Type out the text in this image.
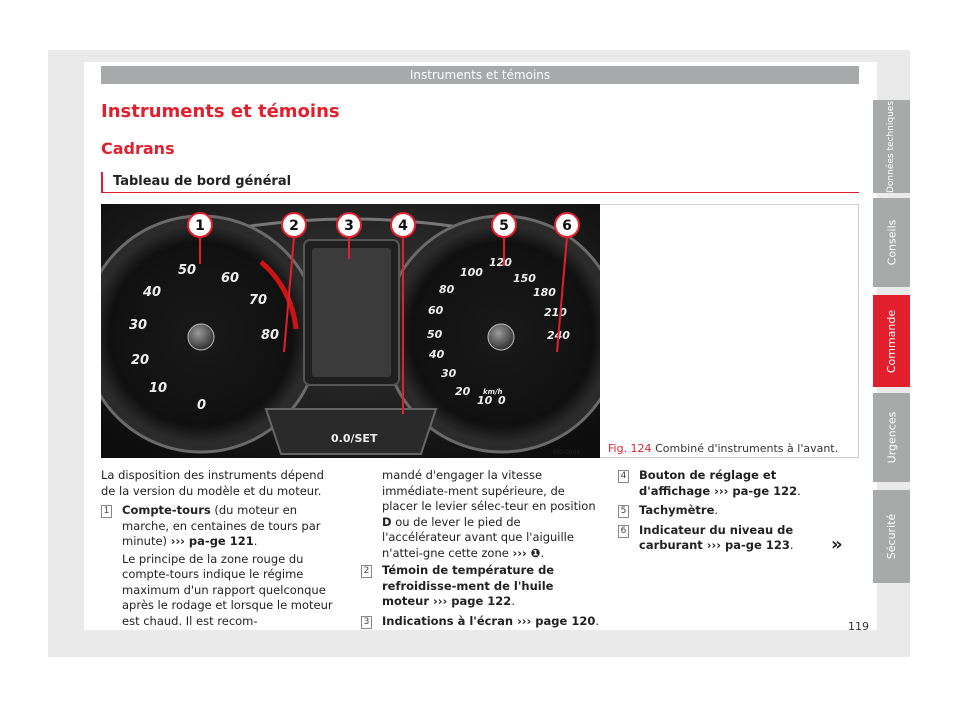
Instruments et témoins
Données techniques
Conseils
Commande
Urgences
Sécurité
Instruments et témoins
Cadrans
Tableau de bord général
0.0/SET
10
20
30
40
50
60
70
80
0	0
10
20
30
40
50
60
80
100
120
150
180
210
240
km/h
1	2	3	4	5	6
BKI-0006	Fig. 124 Combiné d'instruments à l'avant.

La disposition des instruments dépend de la version du modèle et du moteur.

1 Compte-tours (du moteur en marche, en centaines de tours par minute) ››› pa-ge 121.

Le principe de la zone rouge du compte-tours indique le régime maximum d'un rapport quelconque après le rodage et lorsque le moteur est chaud. Il est recom-

mandé d'engager la vitesse immédiate-ment supérieure, de placer le levier sélec-teur en position D ou de lever le pied de l'accélérateur avant que l'aiguille n'attei-gne cette zone ››› ❶.

2 Témoin de température de refroidisse-ment de l'huile moteur ››› page 122.

3 Indications à l'écran ››› page 120.

4 Bouton de réglage et d'affichage ››› pa-ge 122.

5 Tachymètre.

6 Indicateur du niveau de carburant ››› pa-ge 123.	»
119
